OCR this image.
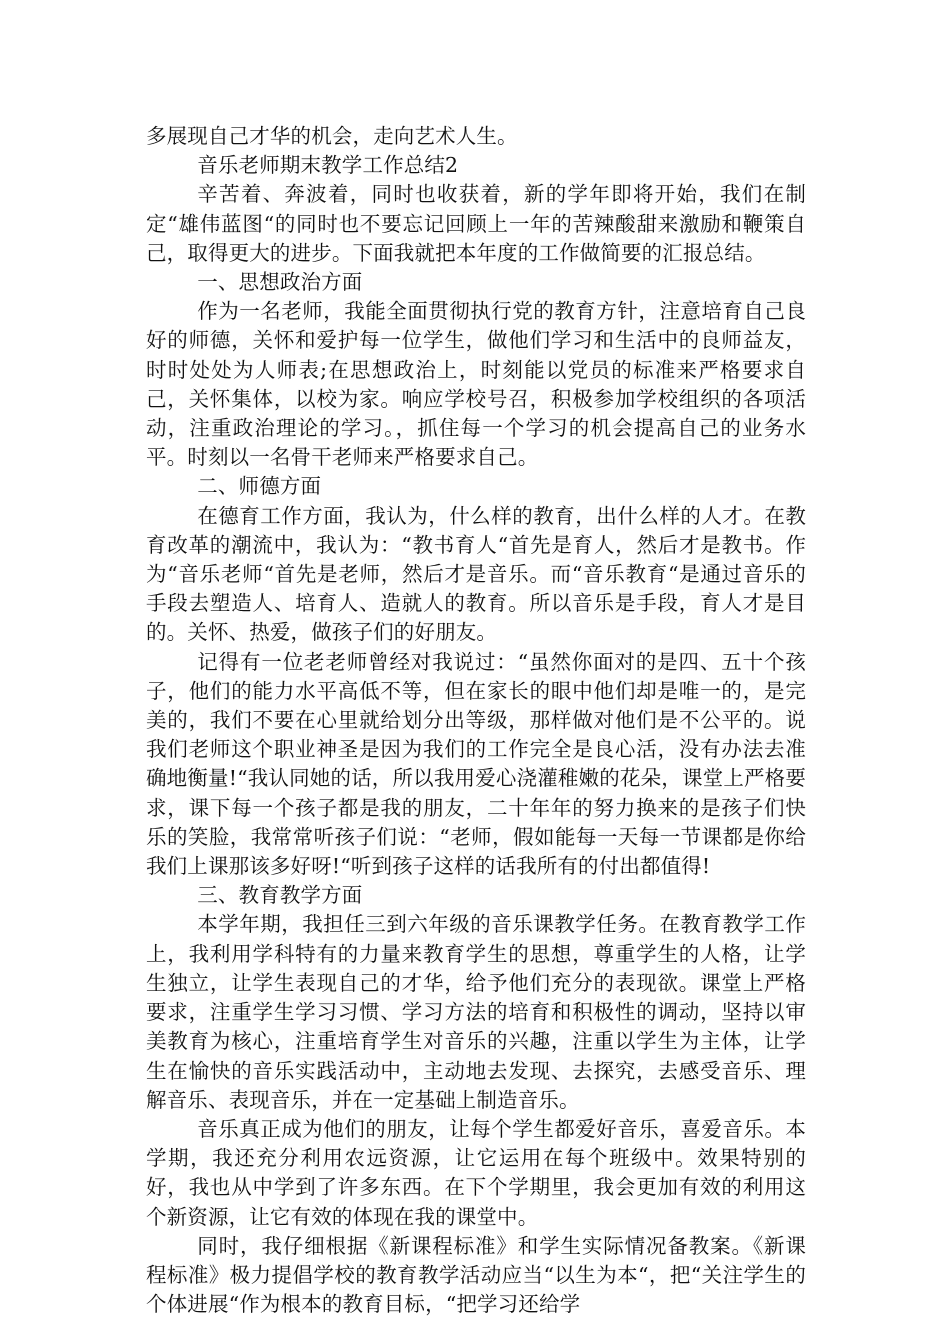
多展现自己才华的机会，走向艺术人生。

音乐老师期末教学工作总结2

辛苦着、奔波着，同时也收获着，新的学年即将开始，我们在制定“雄伟蓝图“的同时也不要忘记回顾上一年的苦辣酸甜来激励和鞭策自己，取得更大的进步。下面我就把本年度的工作做简要的汇报总结。

一、思想政治方面

作为一名老师，我能全面贯彻执行党的教育方针，注意培育自己良好的师德，关怀和爱护每一位学生，做他们学习和生活中的良师益友，时时处处为人师表;在思想政治上，时刻能以党员的标准来严格要求自己，关怀集体，以校为家。响应学校号召，积极参加学校组织的各项活动，注重政治理论的学习。，抓住每一个学习的机会提高自己的业务水平。时刻以一名骨干老师来严格要求自己。

二、师德方面

在德育工作方面，我认为，什么样的教育，出什么样的人才。在教育改革的潮流中，我认为：“教书育人“首先是育人，然后才是教书。作为“音乐老师“首先是老师，然后才是音乐。而“音乐教育“是通过音乐的手段去塑造人、培育人、造就人的教育。所以音乐是手段，育人才是目的。关怀、热爱，做孩子们的好朋友。

记得有一位老老师曾经对我说过：“虽然你面对的是四、五十个孩子，他们的能力水平高低不等，但在家长的眼中他们却是唯一的，是完美的，我们不要在心里就给划分出等级，那样做对他们是不公平的。说我们老师这个职业神圣是因为我们的工作完全是良心活，没有办法去准确地衡量!“我认同她的话，所以我用爱心浇灌稚嫩的花朵，课堂上严格要求，课下每一个孩子都是我的朋友，二十年年的努力换来的是孩子们快乐的笑脸，我常常听孩子们说：“老师，假如能每一天每一节课都是你给我们上课那该多好呀!“听到孩子这样的话我所有的付出都值得!

三、教育教学方面

本学年期，我担任三到六年级的音乐课教学任务。在教育教学工作上，我利用学科特有的力量来教育学生的思想，尊重学生的人格，让学生独立，让学生表现自己的才华，给予他们充分的表现欲。课堂上严格要求，注重学生学习习惯、学习方法的培育和积极性的调动，坚持以审美教育为核心，注重培育学生对音乐的兴趣，注重以学生为主体，让学生在愉快的音乐实践活动中，主动地去发现、去探究，去感受音乐、理解音乐、表现音乐，并在一定基础上制造音乐。

音乐真正成为他们的朋友，让每个学生都爱好音乐，喜爱音乐。本学期，我还充分利用农远资源，让它运用在每个班级中。效果特别的好，我也从中学到了许多东西。在下个学期里，我会更加有效的利用这个新资源，让它有效的体现在我的课堂中。

同时，我仔细根据《新课程标准》和学生实际情况备教案。《新课程标准》极力提倡学校的教育教学活动应当“以生为本“，把“关注学生的个体进展“作为根本的教育目标，“把学习还给学
